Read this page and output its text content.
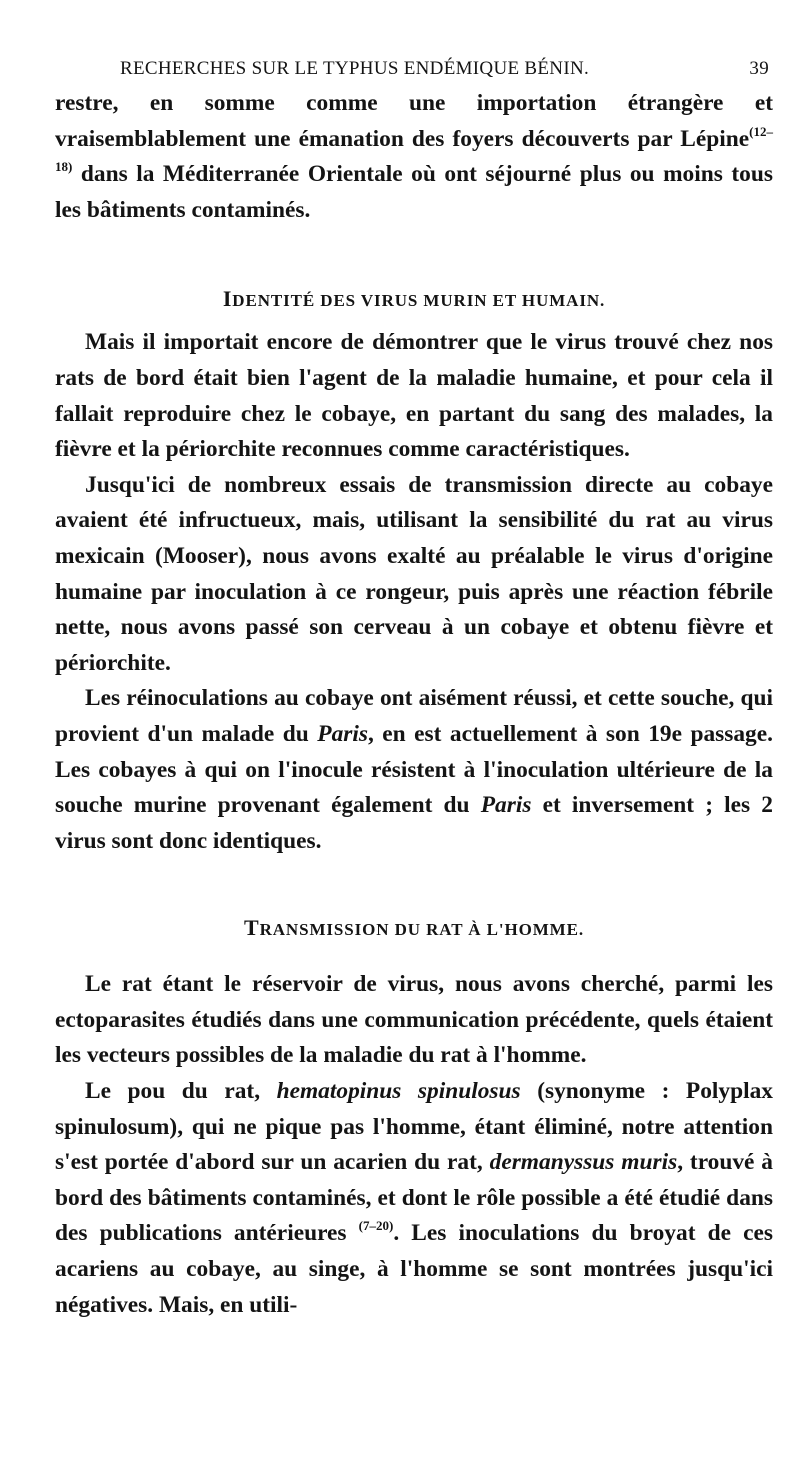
RECHERCHES SUR LE TYPHUS ENDÉMIQUE BÉNIN.	39

restre, en somme comme une importation étrangère et vraisemblablement une émanation des foyers découverts par Lépine$^{(12-18)}$ dans la Méditerranée Orientale où ont séjourné plus ou moins tous les bâtiments contaminés.

IDENTITÉ DES VIRUS MURIN ET HUMAIN.

Mais il importait encore de démontrer que le virus trouvé chez nos rats de bord était bien l'agent de la maladie humaine, et pour cela il fallait reproduire chez le cobaye, en partant du sang des malades, la fièvre et la périorchite reconnues comme caractéristiques.

Jusqu'ici de nombreux essais de transmission directe au cobaye avaient été infructueux, mais, utilisant la sensibilité du rat au virus mexicain (Mooser), nous avons exalté au préalable le virus d'origine humaine par inoculation à ce rongeur, puis après une réaction fébrile nette, nous avons passé son cerveau à un cobaye et obtenu fièvre et périorchite.

Les réinoculations au cobaye ont aisément réussi, et cette souche, qui provient d'un malade du Paris, en est actuellement à son 19e passage. Les cobayes à qui on l'inocule résistent à l'inoculation ultérieure de la souche murine provenant également du Paris et inversement ; les 2 virus sont donc identiques.

TRANSMISSION DU RAT À L'HOMME.

Le rat étant le réservoir de virus, nous avons cherché, parmi les ectoparasites étudiés dans une communication précédente, quels étaient les vecteurs possibles de la maladie du rat à l'homme.

Le pou du rat, hematopinus spinulosus (synonyme : Polyplax spinulosum), qui ne pique pas l'homme, étant éliminé, notre attention s'est portée d'abord sur un acarien du rat, dermanyssus muris, trouvé à bord des bâtiments contaminés, et dont le rôle possible a été étudié dans des publications antérieures $^{(7-20)}$. Les inoculations du broyat de ces acariens au cobaye, au singe, à l'homme se sont montrées jusqu'ici négatives. Mais, en utili-
